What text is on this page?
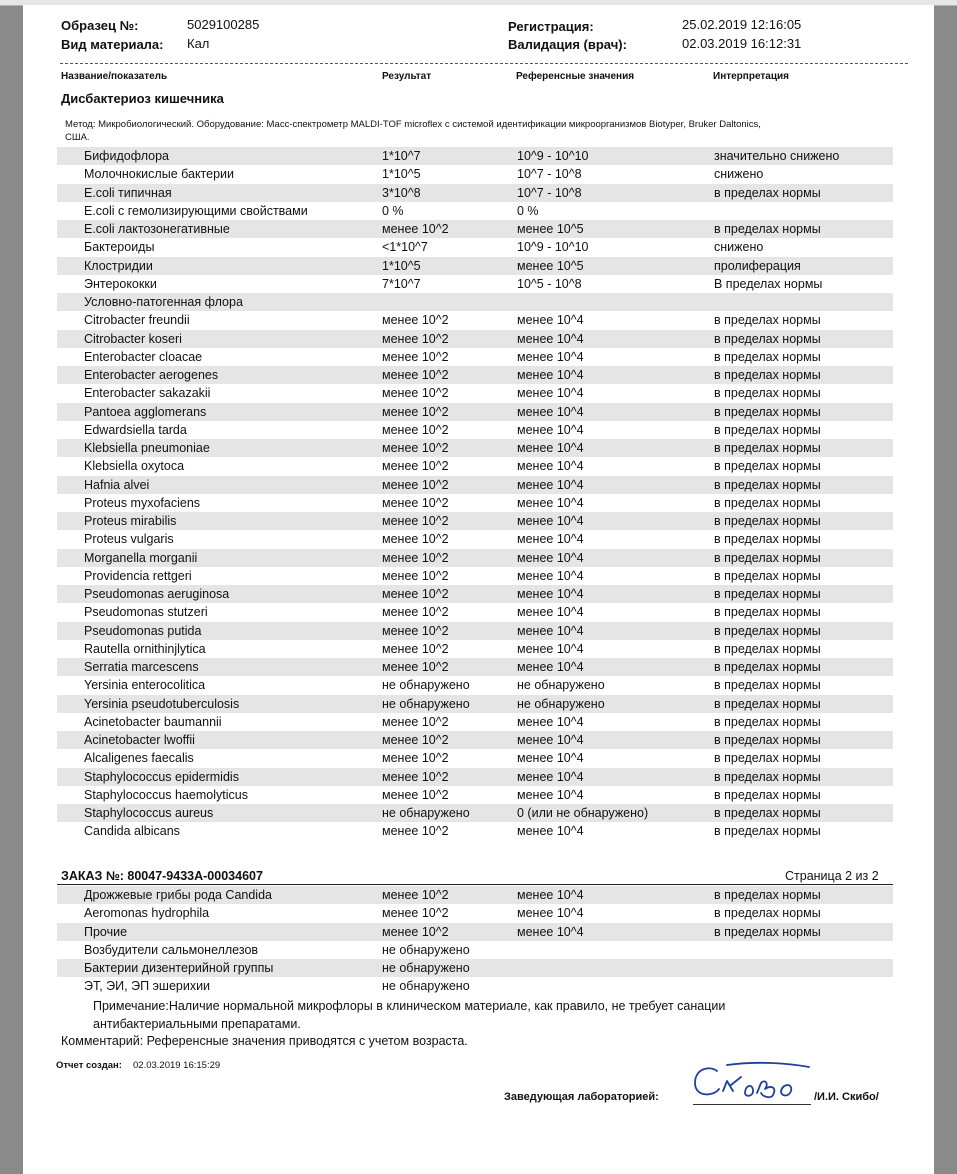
Образец №:	5029100285
Вид материала: Кал
Регистрация:	25.02.2019 12:16:05
Валидация (врач):	02.03.2019 16:12:31
Название/показатель	Результат	Референсные значения	Интерпретация
Дисбактериоз кишечника
Метод: Микробиологический. Оборудование: Масс-спектрометр MALDI-TOF microflex с системой идентификации микроорганизмов Biotyper, Bruker Daltonics, США.
Бифидофлора	1*10^7	10^9 - 10^10	значительно снижено
Молочнокислые бактерии	1*10^5	10^7 - 10^8	снижено
E.coli типичная	3*10^8	10^7 - 10^8	в пределах нормы
E.coli с гемолизирующими свойствами	0 %	0 %
E.coli лактозонегативные	менее 10^2	менее 10^5	в пределах нормы
Бактероиды	<1*10^7	10^9 - 10^10	снижено
Клостридии	1*10^5	менее 10^5	пролиферация
Энтерококки	7*10^7	10^5 - 10^8	В пределах нормы
Условно-патогенная флора
Citrobacter freundii	менее 10^2	менее 10^4	в пределах нормы
Citrobacter koseri	менее 10^2	менее 10^4	в пределах нормы
Enterobacter cloacae	менее 10^2	менее 10^4	в пределах нормы
Enterobacter aerogenes	менее 10^2	менее 10^4	в пределах нормы
Enterobacter sakazakii	менее 10^2	менее 10^4	в пределах нормы
Pantoea agglomerans	менее 10^2	менее 10^4	в пределах нормы
Edwardsiella tarda	менее 10^2	менее 10^4	в пределах нормы
Klebsiella pneumoniae	менее 10^2	менее 10^4	в пределах нормы
Klebsiella oxytoca	менее 10^2	менее 10^4	в пределах нормы
Hafnia alvei	менее 10^2	менее 10^4	в пределах нормы
Proteus myxofaciens	менее 10^2	менее 10^4	в пределах нормы
Proteus mirabilis	менее 10^2	менее 10^4	в пределах нормы
Proteus vulgaris	менее 10^2	менее 10^4	в пределах нормы
Morganella morganii	менее 10^2	менее 10^4	в пределах нормы
Providencia rettgeri	менее 10^2	менее 10^4	в пределах нормы
Pseudomonas aeruginosa	менее 10^2	менее 10^4	в пределах нормы
Pseudomonas stutzeri	менее 10^2	менее 10^4	в пределах нормы
Pseudomonas putida	менее 10^2	менее 10^4	в пределах нормы
Rautella ornithinjlytica	менее 10^2	менее 10^4	в пределах нормы
Serratia marcescens	менее 10^2	менее 10^4	в пределах нормы
Yersinia enterocolitica	не обнаружено	не обнаружено	в пределах нормы
Yersinia pseudotuberculosis	не обнаружено	не обнаружено	в пределах нормы
Acinetobacter baumannii	менее 10^2	менее 10^4	в пределах нормы
Acinetobacter lwoffii	менее 10^2	менее 10^4	в пределах нормы
Alcaligenes faecalis	менее 10^2	менее 10^4	в пределах нормы
Staphylococcus epidermidis	менее 10^2	менее 10^4	в пределах нормы
Staphylococcus haemolyticus	менее 10^2	менее 10^4	в пределах нормы
Staphylococcus aureus	не обнаружено	0 (или не обнаружено)	в пределах нормы
Candida albicans	менее 10^2	менее 10^4	в пределах нормы
ЗАКАЗ №: 80047-9433А-00034607	Страница 2 из 2
Дрожжевые грибы рода Candida	менее 10^2	менее 10^4	в пределах нормы
Aeromonas hydrophila	менее 10^2	менее 10^4	в пределах нормы
Прочие	менее 10^2	менее 10^4	в пределах нормы
Возбудители сальмонеллезов	не обнаружено
Бактерии дизентерийной группы	не обнаружено
ЭТ, ЭИ, ЭП эшерихии	не обнаружено
Примечание:Наличие нормальной микрофлоры в клиническом материале, как правило, не требует санации антибактериальными препаратами.
Комментарий: Референсные значения приводятся с учетом возраста.
Отчет создан: 02.03.2019 16:15:29
Заведующая лабораторией:	/И.И. Скибо/
